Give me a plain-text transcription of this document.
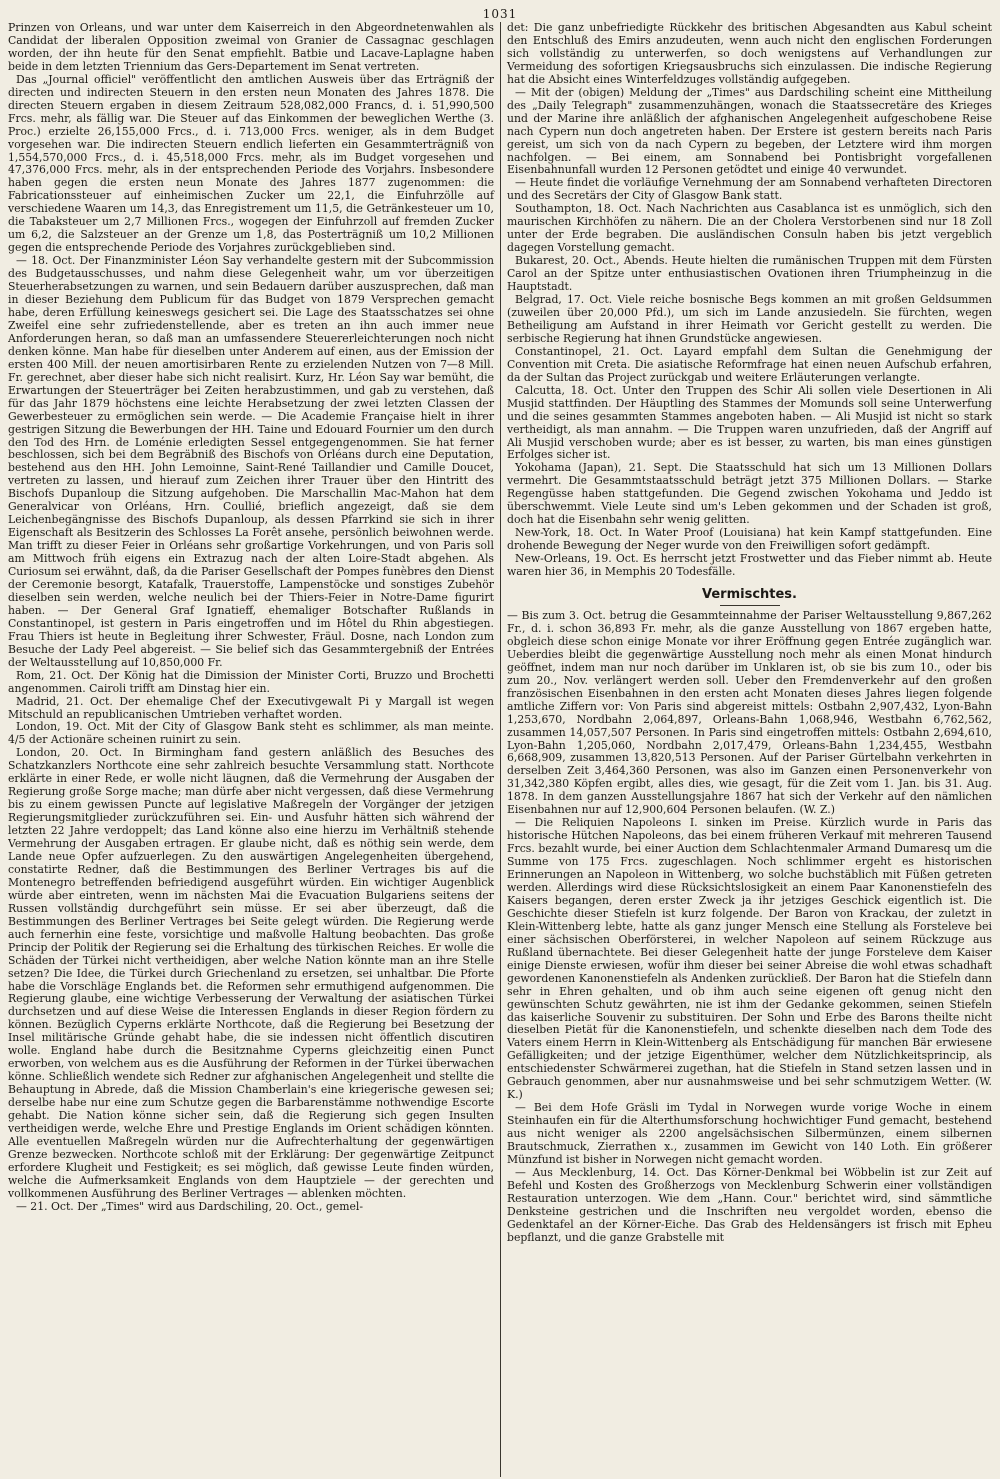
1031

Prinzen von Orleans, und war unter dem Kaiserreich in den Abgeordnetenwahlen als Candidat der liberalen Opposition zweimal von Granier de Cassagnac geschlagen worden, der ihn heute für den Senat empfiehlt. Batbie und Lacave-Laplagne haben beide in dem letzten Triennium das Gers-Departement im Senat vertreten.

Das „Journal officiel" veröffentlicht den amtlichen Ausweis über das Erträgniß der directen und indirecten Steuern in den ersten neun Monaten des Jahres 1878. Die directen Steuern ergaben in diesem Zeitraum 528,082,000 Francs, d. i. 51,990,500 Frcs. mehr, als fällig war. Die Steuer auf das Einkommen der beweglichen Werthe (3. Proc.) erzielte 26,155,000 Frcs., d. i. 713,000 Frcs. weniger, als in dem Budget vorgesehen war. Die indirecten Steuern endlich lieferten ein Gesammterträgniß von 1,554,570,000 Frcs., d. i. 45,518,000 Frcs. mehr, als im Budget vorgesehen und 47,376,000 Frcs. mehr, als in der entsprechenden Periode des Vorjahrs. Insbesondere haben gegen die ersten neun Monate des Jahres 1877 zugenommen: die Fabricationssteuer auf einheimischen Zucker um 22,1, die Einfuhrzölle auf verschiedene Waaren um 14,3, das Enregistrement um 11,5, die Getränkesteuer um 10, die Tabaksteuer um 2,7 Millionen Frcs., wogegen der Einfuhrzoll auf fremden Zucker um 6,2, die Salzsteuer an der Grenze um 1,8, das Posterträgniß um 10,2 Millionen gegen die entsprechende Periode des Vorjahres zurückgeblieben sind.

— 18. Oct. Der Finanzminister Léon Say verhandelte gestern mit der Subcommission des Budgetausschusses, und nahm diese Gelegenheit wahr, um vor überzeitigen Steuerherabsetzungen zu warnen, und sein Bedauern darüber auszusprechen, daß man in dieser Beziehung dem Publicum für das Budget von 1879 Versprechen gemacht habe, deren Erfüllung keineswegs gesichert sei. Die Lage des Staatsschatzes sei ohne Zweifel eine sehr zufriedenstellende, aber es treten an ihn auch immer neue Anforderungen heran, so daß man an umfassendere Steuererleichterungen noch nicht denken könne. Man habe für dieselben unter Anderem auf einen, aus der Emission der ersten 400 Mill. der neuen amortisirbaren Rente zu erzielenden Nutzen von 7—8 Mill. Fr. gerechnet, aber dieser habe sich nicht realisirt. Kurz, Hr. Léon Say war bemüht, die Erwartungen der Steuerträger bei Zeiten herabzustimmen, und gab zu verstehen, daß für das Jahr 1879 höchstens eine leichte Herabsetzung der zwei letzten Classen der Gewerbesteuer zu ermöglichen sein werde. — Die Academie Française hielt in ihrer gestrigen Sitzung die Bewerbungen der HH. Taine und Edouard Fournier um den durch den Tod des Hrn. de Loménie erledigten Sessel entgegengenommen. Sie hat ferner beschlossen, sich bei dem Begräbniß des Bischofs von Orléans durch eine Deputation, bestehend aus den HH. John Lemoinne, Saint-René Taillandier und Camille Doucet, vertreten zu lassen, und hierauf zum Zeichen ihrer Trauer über den Hintritt des Bischofs Dupanloup die Sitzung aufgehoben. Die Marschallin Mac-Mahon hat dem Generalvicar von Orléans, Hrn. Coullié, brieflich angezeigt, daß sie dem Leichenbegängnisse des Bischofs Dupanloup, als dessen Pfarrkind sie sich in ihrer Eigenschaft als Besitzerin des Schlosses La Forêt ansehe, persönlich beiwohnen werde. Man trifft zu dieser Feier in Orléans sehr großartige Vorkehrungen, und von Paris soll am Mittwoch früh eigens ein Extrazug nach der alten Loire-Stadt abgehen. Als Curiosum sei erwähnt, daß, da die Pariser Gesellschaft der Pompes funèbres den Dienst der Ceremonie besorgt, Katafalk, Trauerstoffe, Lampenstöcke und sonstiges Zubehör dieselben sein werden, welche neulich bei der Thiers-Feier in Notre-Dame figurirt haben. — Der General Graf Ignatieff, ehemaliger Botschafter Rußlands in Constantinopel, ist gestern in Paris eingetroffen und im Hôtel du Rhin abgestiegen. Frau Thiers ist heute in Begleitung ihrer Schwester, Fräul. Dosne, nach London zum Besuche der Lady Peel abgereist. — Sie belief sich das Gesammtergebniß der Entrées der Weltausstellung auf 10,850,000 Fr.

Rom, 21. Oct. Der König hat die Dimission der Minister Corti, Bruzzo und Brochetti angenommen. Cairoli trifft am Dinstag hier ein.

Madrid, 21. Oct. Der ehemalige Chef der Executivgewalt Pi y Margall ist wegen Mitschuld an republicanischen Umtrieben verhaftet worden.

London, 19. Oct. Mit der City of Glasgow Bank steht es schlimmer, als man meinte. 4/5 der Actionäre scheinen ruinirt zu sein.

London, 20. Oct. In Birmingham fand gestern anläßlich des Besuches des Schatzkanzlers Northcote eine sehr zahlreich besuchte Versammlung statt. Northcote erklärte in einer Rede, er wolle nicht läugnen, daß die Vermehrung der Ausgaben der Regierung große Sorge mache; man dürfe aber nicht vergessen, daß diese Vermehrung bis zu einem gewissen Puncte auf legislative Maßregeln der Vorgänger der jetzigen Regierungsmitglieder zurückzuführen sei. Ein- und Ausfuhr hätten sich während der letzten 22 Jahre verdoppelt; das Land könne also eine hierzu im Verhältniß stehende Vermehrung der Ausgaben ertragen. Er glaube nicht, daß es nöthig sein werde, dem Lande neue Opfer aufzuerlegen. Zu den auswärtigen Angelegenheiten übergehend, constatirte Redner, daß die Bestimmungen des Berliner Vertrages bis auf die Montenegro betreffenden befriedigend ausgeführt würden. Ein wichtiger Augenblick würde aber eintreten, wenn im nächsten Mai die Evacuation Bulgariens seitens der Russen vollständig durchgeführt sein müsse. Er sei aber überzeugt, daß die Bestimmungen des Berliner Vertrages bei Seite gelegt würden. Die Regierung werde auch fernerhin eine feste, vorsichtige und maßvolle Haltung beobachten. Das große Princip der Politik der Regierung sei die Erhaltung des türkischen Reiches. Er wolle die Schäden der Türkei nicht vertheidigen, aber welche Nation könnte man an ihre Stelle setzen? Die Idee, die Türkei durch Griechenland zu ersetzen, sei unhaltbar. Die Pforte habe die Vorschläge Englands bet. die Reformen sehr ermuthigend aufgenommen. Die Regierung glaube, eine wichtige Verbesserung der Verwaltung der asiatischen Türkei durchsetzen und auf diese Weise die Interessen Englands in dieser Region fördern zu können. Bezüglich Cyperns erklärte Northcote, daß die Regierung bei Besetzung der Insel militärische Gründe gehabt habe, die sie indessen nicht öffentlich discutiren wolle. England habe durch die Besitznahme Cyperns gleichzeitig einen Punct erworben, von welchem aus es die Ausführung der Reformen in der Türkei überwachen könne. Schließlich wendete sich Redner zur afghanischen Angelegenheit und stellte die Behauptung in Abrede, daß die Mission Chamberlain's eine kriegerische gewesen sei; derselbe habe nur eine zum Schutze gegen die Barbarenstämme nothwendige Escorte gehabt. Die Nation könne sicher sein, daß die Regierung sich gegen Insulten vertheidigen werde, welche Ehre und Prestige Englands im Orient schädigen könnten. Alle eventuellen Maßregeln würden nur die Aufrechterhaltung der gegenwärtigen Grenze bezwecken. Northcote schloß mit der Erklärung: Der gegenwärtige Zeitpunct erfordere Klugheit und Festigkeit; es sei möglich, daß gewisse Leute finden würden, welche die Aufmerksamkeit Englands von dem Hauptziele — der gerechten und vollkommenen Ausführung des Berliner Vertrages — ablenken möchten.

— 21. Oct. Der „Times" wird aus Dardschiling, 20. Oct., gemel-

det: Die ganz unbefriedigte Rückkehr des britischen Abgesandten aus Kabul scheint den Entschluß des Emirs anzudeuten, wenn auch nicht den englischen Forderungen sich vollständig zu unterwerfen, so doch wenigstens auf Verhandlungen zur Vermeidung des sofortigen Kriegsausbruchs sich einzulassen. Die indische Regierung hat die Absicht eines Winterfeldzuges vollständig aufgegeben.

— Mit der (obigen) Meldung der „Times" aus Dardschiling scheint eine Mittheilung des „Daily Telegraph" zusammenzuhängen, wonach die Staatssecretäre des Krieges und der Marine ihre anläßlich der afghanischen Angelegenheit aufgeschobene Reise nach Cypern nun doch angetreten haben. Der Erstere ist gestern bereits nach Paris gereist, um sich von da nach Cypern zu begeben, der Letztere wird ihm morgen nachfolgen. — Bei einem, am Sonnabend bei Pontisbright vorgefallenen Eisenbahnunfall wurden 12 Personen getödtet und einige 40 verwundet.

— Heute findet die vorläufige Vernehmung der am Sonnabend verhafteten Directoren und des Secretärs der City of Glasgow Bank statt.

Southampton, 18. Oct. Nach Nachrichten aus Casablanca ist es unmöglich, sich den maurischen Kirchhöfen zu nähern. Die an der Cholera Verstorbenen sind nur 18 Zoll unter der Erde begraben. Die ausländischen Consuln haben bis jetzt vergeblich dagegen Vorstellung gemacht.

Bukarest, 20. Oct., Abends. Heute hielten die rumänischen Truppen mit dem Fürsten Carol an der Spitze unter enthusiastischen Ovationen ihren Triumpheinzug in die Hauptstadt.

Belgrad, 17. Oct. Viele reiche bosnische Begs kommen an mit großen Geldsummen (zuweilen über 20,000 Pfd.), um sich im Lande anzusiedeln. Sie fürchten, wegen Betheiligung am Aufstand in ihrer Heimath vor Gericht gestellt zu werden. Die serbische Regierung hat ihnen Grundstücke angewiesen.

Constantinopel, 21. Oct. Layard empfahl dem Sultan die Genehmigung der Convention mit Creta. Die asiatische Reformfrage hat einen neuen Aufschub erfahren, da der Sultan das Project zurückgab und weitere Erläuterungen verlangte.

Calcutta, 18. Oct. Unter den Truppen des Schir Ali sollen viele Desertionen in Ali Musjid stattfinden. Der Häuptling des Stammes der Momunds soll seine Unterwerfung und die seines gesammten Stammes angeboten haben. — Ali Musjid ist nicht so stark vertheidigt, als man annahm. — Die Truppen waren unzufrieden, daß der Angriff auf Ali Musjid verschoben wurde; aber es ist besser, zu warten, bis man eines günstigen Erfolges sicher ist.

Yokohama (Japan), 21. Sept. Die Staatsschuld hat sich um 13 Millionen Dollars vermehrt. Die Gesammtstaatsschuld beträgt jetzt 375 Millionen Dollars. — Starke Regengüsse haben stattgefunden. Die Gegend zwischen Yokohama und Jeddo ist überschwemmt. Viele Leute sind um's Leben gekommen und der Schaden ist groß, doch hat die Eisenbahn sehr wenig gelitten.

New-York, 18. Oct. In Water Proof (Louisiana) hat kein Kampf stattgefunden. Eine drohende Bewegung der Neger wurde von den Freiwilligen sofort gedämpft.

New-Orleans, 19. Oct. Es herrscht jetzt Frostwetter und das Fieber nimmt ab. Heute waren hier 36, in Memphis 20 Todesfälle.

Vermischtes.

— Bis zum 3. Oct. betrug die Gesammteinnahme der Pariser Weltausstellung 9,867,262 Fr., d. i. schon 36,893 Fr. mehr, als die ganze Ausstellung von 1867 ergeben hatte, obgleich diese schon einige Monate vor ihrer Eröffnung gegen Entrée zugänglich war. Ueberdies bleibt die gegenwärtige Ausstellung noch mehr als einen Monat hindurch geöffnet, indem man nur noch darüber im Unklaren ist, ob sie bis zum 10., oder bis zum 20., Nov. verlängert werden soll. Ueber den Fremdenverkehr auf den großen französischen Eisenbahnen in den ersten acht Monaten dieses Jahres liegen folgende amtliche Ziffern vor: Von Paris sind abgereist mittels: Ostbahn 2,907,432, Lyon-Bahn 1,253,670, Nordbahn 2,064,897, Orleans-Bahn 1,068,946, Westbahn 6,762,562, zusammen 14,057,507 Personen. In Paris sind eingetroffen mittels: Ostbahn 2,694,610, Lyon-Bahn 1,205,060, Nordbahn 2,017,479, Orleans-Bahn 1,234,455, Westbahn 6,668,909, zusammen 13,820,513 Personen. Auf der Pariser Gürtelbahn verkehrten in derselben Zeit 3,464,360 Personen, was also im Ganzen einen Personenverkehr von 31,342,380 Köpfen ergibt, alles dies, wie gesagt, für die Zeit vom 1. Jan. bis 31. Aug. 1878. In dem ganzen Ausstellungsjahre 1867 hat sich der Verkehr auf den nämlichen Eisenbahnen nur auf 12,900,604 Personen belaufen. (W. Z.)

— Die Reliquien Napoleons I. sinken im Preise. Kürzlich wurde in Paris das historische Hütchen Napoleons, das bei einem früheren Verkauf mit mehreren Tausend Frcs. bezahlt wurde, bei einer Auction dem Schlachtenmaler Armand Dumaresq um die Summe von 175 Frcs. zugeschlagen. Noch schlimmer ergeht es historischen Erinnerungen an Napoleon in Wittenberg, wo solche buchstäblich mit Füßen getreten werden. Allerdings wird diese Rücksichtslosigkeit an einem Paar Kanonenstiefeln des Kaisers begangen, deren erster Zweck ja ihr jetziges Geschick eigentlich ist. Die Geschichte dieser Stiefeln ist kurz folgende. Der Baron von Krackau, der zuletzt in Klein-Wittenberg lebte, hatte als ganz junger Mensch eine Stellung als Forsteleve bei einer sächsischen Oberförsterei, in welcher Napoleon auf seinem Rückzuge aus Rußland übernachtete. Bei dieser Gelegenheit hatte der junge Forsteleve dem Kaiser einige Dienste erwiesen, wofür ihm dieser bei seiner Abreise die wohl etwas schadhaft gewordenen Kanonenstiefeln als Andenken zurückließ. Der Baron hat die Stiefeln dann sehr in Ehren gehalten, und ob ihm auch seine eigenen oft genug nicht den gewünschten Schutz gewährten, nie ist ihm der Gedanke gekommen, seinen Stiefeln das kaiserliche Souvenir zu substituiren. Der Sohn und Erbe des Barons theilte nicht dieselben Pietät für die Kanonenstiefeln, und schenkte dieselben nach dem Tode des Vaters einem Herrn in Klein-Wittenberg als Entschädigung für manchen Bär erwiesene Gefälligkeiten; und der jetzige Eigenthümer, welcher dem Nützlichkeitsprincip, als entschiedenster Schwärmerei zugethan, hat die Stiefeln in Stand setzen lassen und in Gebrauch genommen, aber nur ausnahmsweise und bei sehr schmutzigem Wetter. (W. K.)

— Bei dem Hofe Gräsli im Tydal in Norwegen wurde vorige Woche in einem Steinhaufen ein für die Alterthumsforschung hochwichtiger Fund gemacht, bestehend aus nicht weniger als 2200 angelsächsischen Silbermünzen, einem silbernen Brautschmuck, Zierrathen x., zusammen im Gewicht von 140 Loth. Ein größerer Münzfund ist bisher in Norwegen nicht gemacht worden.

— Aus Mecklenburg, 14. Oct. Das Körner-Denkmal bei Wöbbelin ist zur Zeit auf Befehl und Kosten des Großherzogs von Mecklenburg Schwerin einer vollständigen Restauration unterzogen. Wie dem „Hann. Cour." berichtet wird, sind sämmtliche Denksteine gestrichen und die Inschriften neu vergoldet worden, ebenso die Gedenktafel an der Körner-Eiche. Das Grab des Heldensängers ist frisch mit Epheu bepflanzt, und die ganze Grabstelle mit
